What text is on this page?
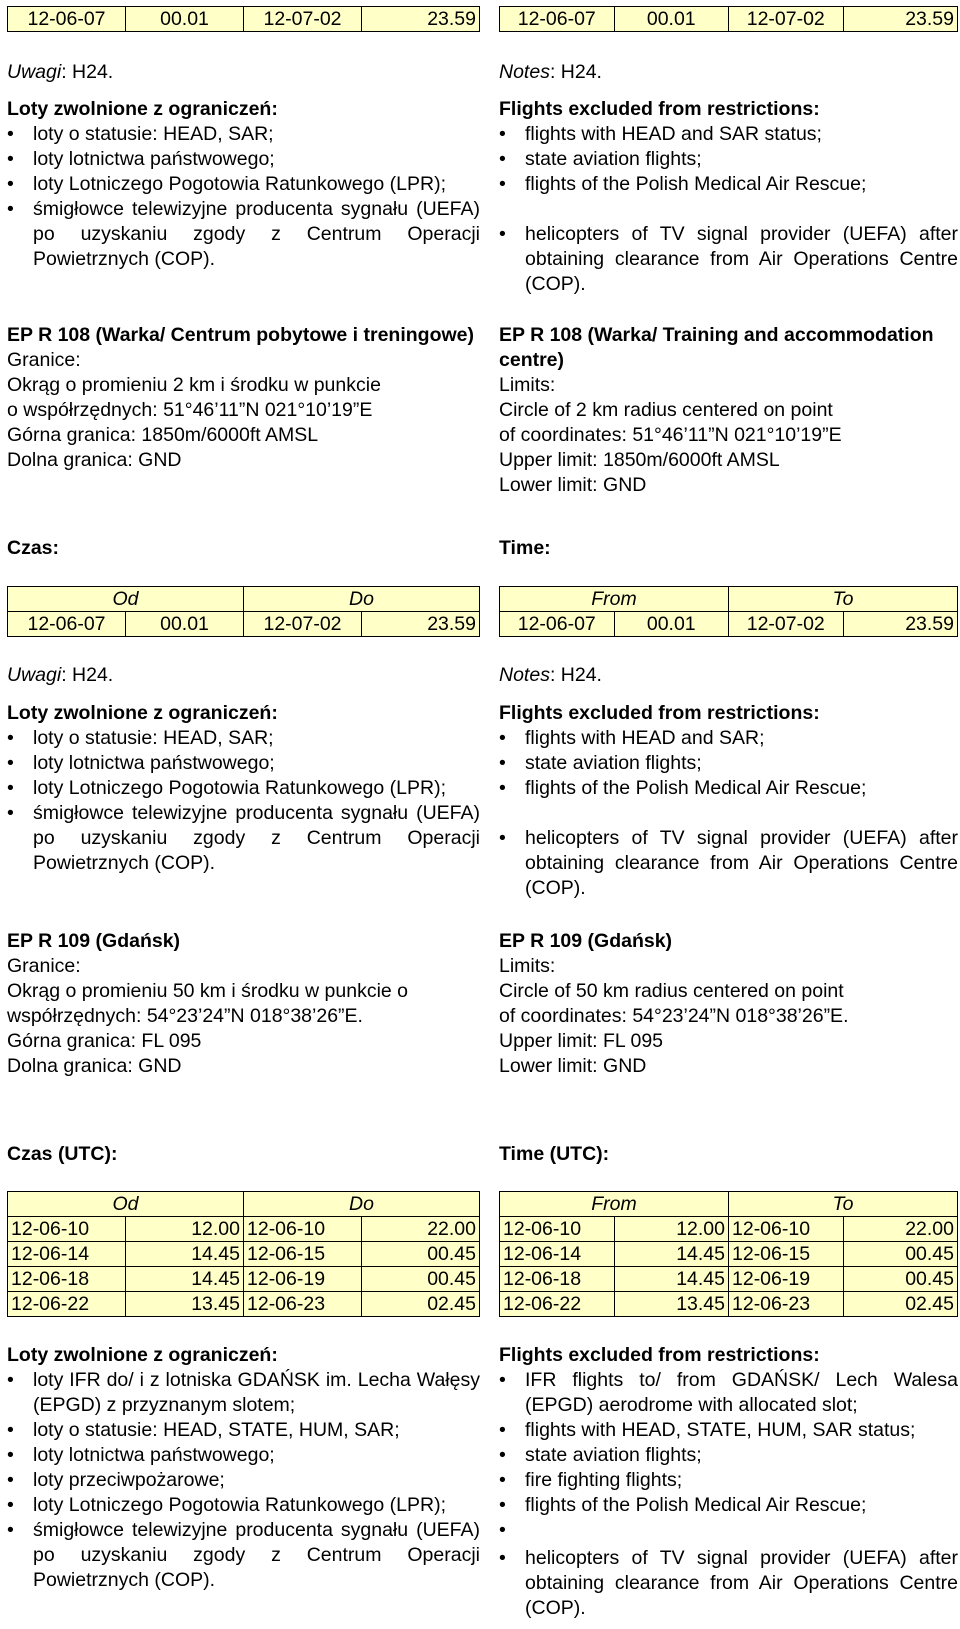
12-06-07	00.01	12-07-02	23.59
Uwagi: H24.
Loty zwolnione z ograniczeń:
• loty o statusie: HEAD, SAR;
• loty lotnictwa państwowego;
• loty Lotniczego Pogotowia Ratunkowego (LPR);
• śmigłowce telewizyjne producenta sygnału (UEFA) po uzyskaniu zgody z Centrum Operacji Powietrznych (COP).
EP R 108 (Warka/ Centrum pobytowe i treningowe)
Granice:
Okrąg o promieniu 2 km i środku w punkcie
o współrzędnych: 51°46’11”N 021°10’19”E
Górna granica: 1850m/6000ft AMSL
Dolna granica: GND
Czas:
Od		Do	
12-06-07	00.01	12-07-02	23.59
Uwagi: H24.
Loty zwolnione z ograniczeń:
• loty o statusie: HEAD, SAR;
• loty lotnictwa państwowego;
• loty Lotniczego Pogotowia Ratunkowego (LPR);
• śmigłowce telewizyjne producenta sygnału (UEFA) po uzyskaniu zgody z Centrum Operacji Powietrznych (COP).
EP R 109 (Gdańsk)
Granice:
Okrąg o promieniu 50 km i środku w punkcie o współrzędnych: 54°23’24”N 018°38’26”E.
Górna granica: FL 095
Dolna granica: GND
Czas (UTC):
Od		Do	
12-06-10	12.00	12-06-10	22.00
12-06-14	14.45	12-06-15	00.45
12-06-18	14.45	12-06-19	00.45
12-06-22	13.45	12-06-23	02.45
Loty zwolnione z ograniczeń:
• loty IFR do/ i z lotniska GDAŃSK im. Lecha Wałęsy (EPGD) z przyznanym slotem;
• loty o statusie: HEAD, STATE, HUM, SAR;
• loty lotnictwa państwowego;
• loty przeciwpożarowe;
• loty Lotniczego Pogotowia Ratunkowego (LPR);
• śmigłowce telewizyjne producenta sygnału (UEFA) po uzyskaniu zgody z Centrum Operacji Powietrznych (COP).
12-06-07	00.01	12-07-02	23.59
Notes: H24.
Flights excluded from restrictions:
• flights with HEAD and SAR status;
• state aviation flights;
• flights of the Polish Medical Air Rescue;
• helicopters of TV signal provider (UEFA) after obtaining clearance from Air Operations Centre (COP).
EP R 108 (Warka/ Training and accommodation centre)
Limits:
Circle of 2 km radius centered on point
of coordinates: 51°46’11”N 021°10’19”E
Upper limit: 1850m/6000ft AMSL
Lower limit: GND
Time:
From		To	
12-06-07	00.01	12-07-02	23.59
Notes: H24.
Flights excluded from restrictions:
• flights with HEAD and SAR;
• state aviation flights;
• flights of the Polish Medical Air Rescue;
• helicopters of TV signal provider (UEFA) after obtaining clearance from Air Operations Centre (COP).
EP R 109 (Gdańsk)
Limits:
Circle of 50 km radius centered on point
of coordinates: 54°23’24”N 018°38’26”E.
Upper limit: FL 095
Lower limit: GND
Time (UTC):
From		To	
12-06-10	12.00	12-06-10	22.00
12-06-14	14.45	12-06-15	00.45
12-06-18	14.45	12-06-19	00.45
12-06-22	13.45	12-06-23	02.45
Flights excluded from restrictions:
• IFR flights to/ from GDAŃSK/ Lech Walesa (EPGD) aerodrome with allocated slot;
• flights with HEAD, STATE, HUM, SAR status;
• state aviation flights;
• fire fighting flights;
• flights of the Polish Medical Air Rescue;
•
• helicopters of TV signal provider (UEFA) after obtaining clearance from Air Operations Centre (COP).
